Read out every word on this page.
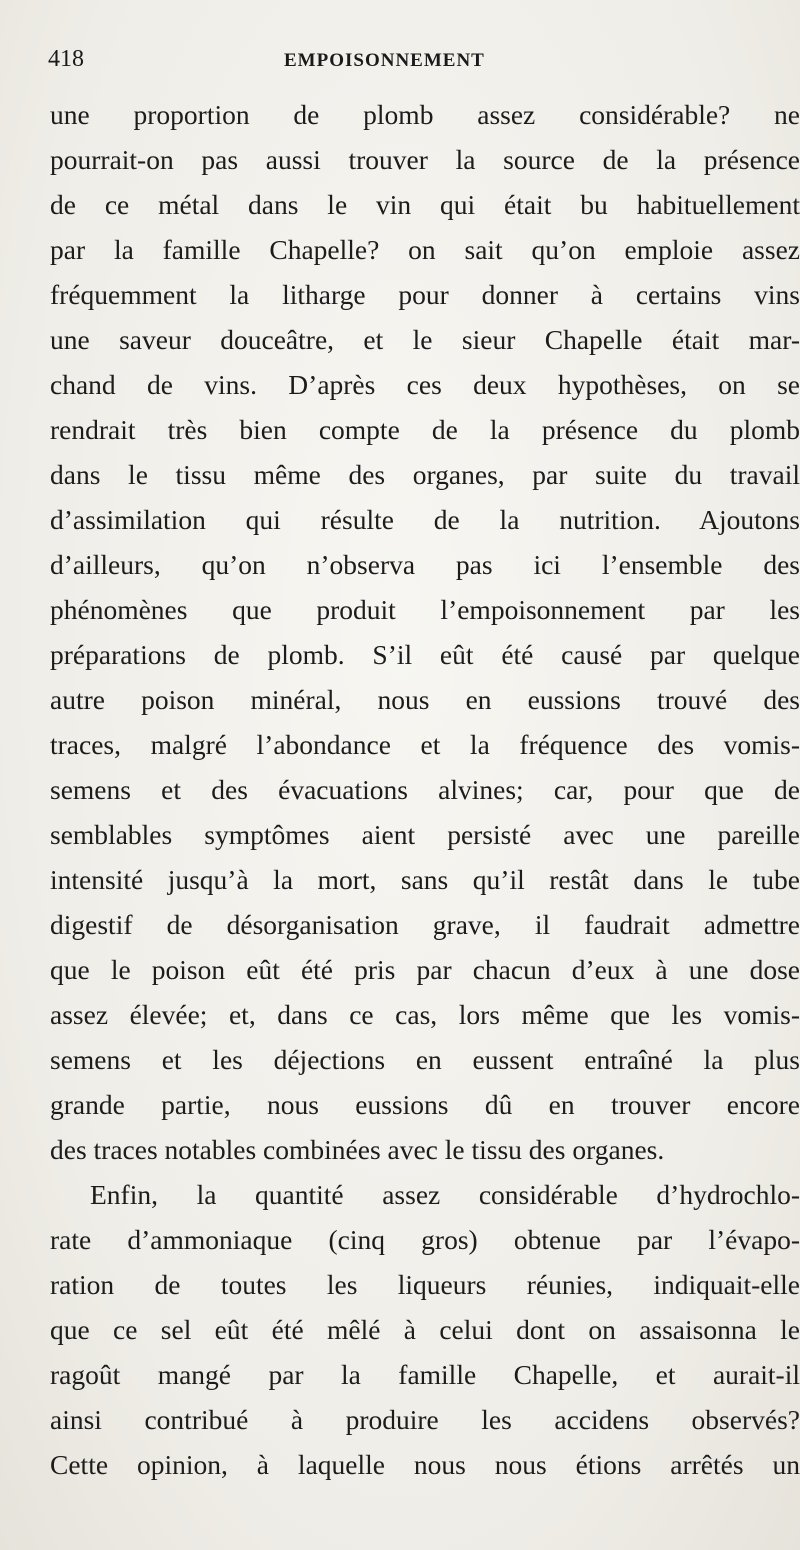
418	EMPOISONNEMENT
une proportion de plomb assez considérable? ne
pourrait-on pas aussi trouver la source de la présence
de ce métal dans le vin qui était bu habituellement
par la famille Chapelle? on sait qu’on emploie assez
fréquemment la litharge pour donner à certains vins
une saveur douceâtre, et le sieur Chapelle était mar-
chand de vins. D’après ces deux hypothèses, on se
rendrait très bien compte de la présence du plomb
dans le tissu même des organes, par suite du travail
d’assimilation qui résulte de la nutrition. Ajoutons
d’ailleurs, qu’on n’observa pas ici l’ensemble des
phénomènes que produit l’empoisonnement par les
préparations de plomb. S’il eût été causé par quelque
autre poison minéral, nous en eussions trouvé des
traces, malgré l’abondance et la fréquence des vomis-
semens et des évacuations alvines; car, pour que de
semblables symptômes aient persisté avec une pareille
intensité jusqu’à la mort, sans qu’il restât dans le tube
digestif de désorganisation grave, il faudrait admettre
que le poison eût été pris par chacun d’eux à une dose
assez élevée; et, dans ce cas, lors même que les vomis-
semens et les déjections en eussent entraîné la plus
grande partie, nous eussions dû en trouver encore
des traces notables combinées avec le tissu des organes.
Enfin, la quantité assez considérable d’hydrochlo-
rate d’ammoniaque (cinq gros) obtenue par l’évapo-
ration de toutes les liqueurs réunies, indiquait-elle
que ce sel eût été mêlé à celui dont on assaisonna le
ragoût mangé par la famille Chapelle, et aurait-il
ainsi contribué à produire les accidens observés?
Cette opinion, à laquelle nous nous étions arrêtés un
